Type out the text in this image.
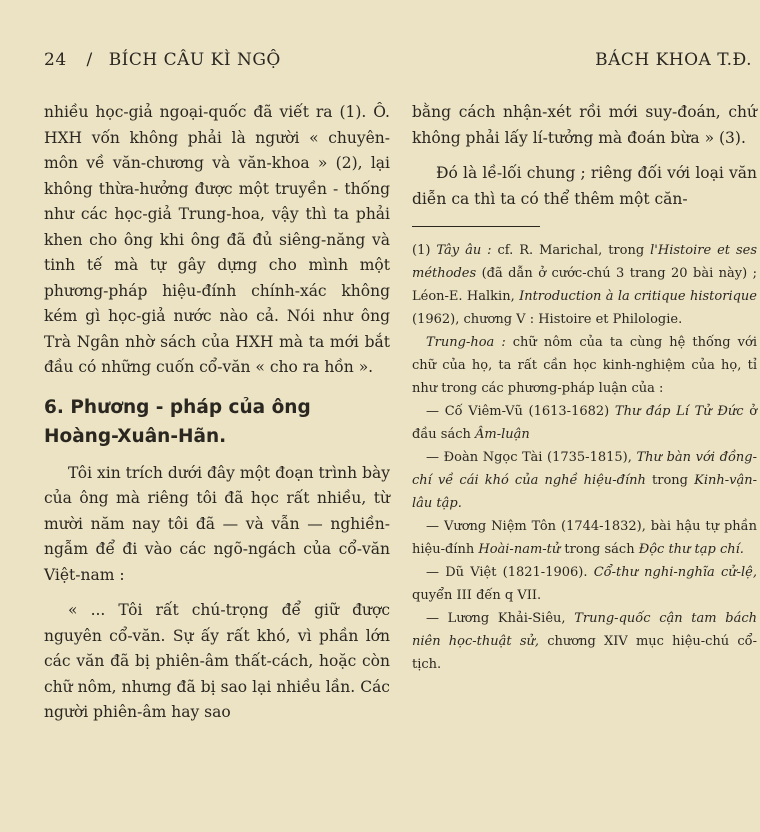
24 / BÍCH CÂU KÌ NGỘ	BÁCH KHOA T.Đ.

nhiều học-giả ngoại-quốc đã viết ra (1). Ô. HXH vốn không phải là người « chuyên-môn về văn-chương và văn-khoa » (2), lại không thừa-hưởng được một truyền - thống như các học-giả Trung-hoa, vậy thì ta phải khen cho ông khi ông đã đủ siêng-năng và tinh tế mà tự gây dựng cho mình một phương-pháp hiệu-đính chính-xác không kém gì học-giả nước nào cả. Nói như ông Trà Ngân nhờ sách của HXH mà ta mới bắt đầu có những cuốn cổ-văn « cho ra hồn ».

6. Phương - pháp của ông Hoàng-Xuân-Hãn.

Tôi xin trích dưới đây một đoạn trình bày của ông mà riêng tôi đã học rất nhiều, từ mười năm nay tôi đã — và vẫn — nghiền-ngẫm để đi vào các ngõ-ngách của cổ-văn Việt-nam :

« ... Tôi rất chú-trọng để giữ được nguyên cổ-văn. Sự ấy rất khó, vì phần lớn các văn đã bị phiên-âm thất-cách, hoặc còn chữ nôm, nhưng đã bị sao lại nhiều lần. Các người phiên-âm hay sao

bằng cách nhận-xét rồi mới suy-đoán, chứ không phải lấy lí-tưởng mà đoán bừa » (3).

Đó là lề-lối chung ; riêng đối với loại văn diễn ca thì ta có thể thêm một căn-

(1) Tây âu : cf. R. Marichal, trong l'Histoire et ses méthodes (đã dẫn ở cước-chú 3 trang 20 bài này) ; Léon-E. Halkin, Introduction à la critique historique (1962), chương V : Histoire et Philologie.

Trung-hoa : chữ nôm của ta cùng hệ thống với chữ của họ, ta rất cần học kinh-nghiệm của họ, tỉ như trong các phương-pháp luận của :

— Cố Viêm-Vũ (1613-1682) Thư đáp Lí Tử Đức ở đầu sách Âm-luận

— Đoàn Ngọc Tài (1735-1815), Thư bàn với đồng-chí về cái khó của nghề hiệu-đính trong Kinh-vận-lâu tập.

— Vương Niệm Tôn (1744-1832), bài hậu tự phần hiệu-đính Hoài-nam-tử trong sách Độc thư tạp chí.

— Dũ Việt (1821-1906). Cổ-thư nghi-nghĩa cử-lệ, quyển III đến q VII.

— Lương Khải-Siêu, Trung-quốc cận tam bách niên học-thuật sử, chương XIV mục hiệu-chú cổ-tịch.
